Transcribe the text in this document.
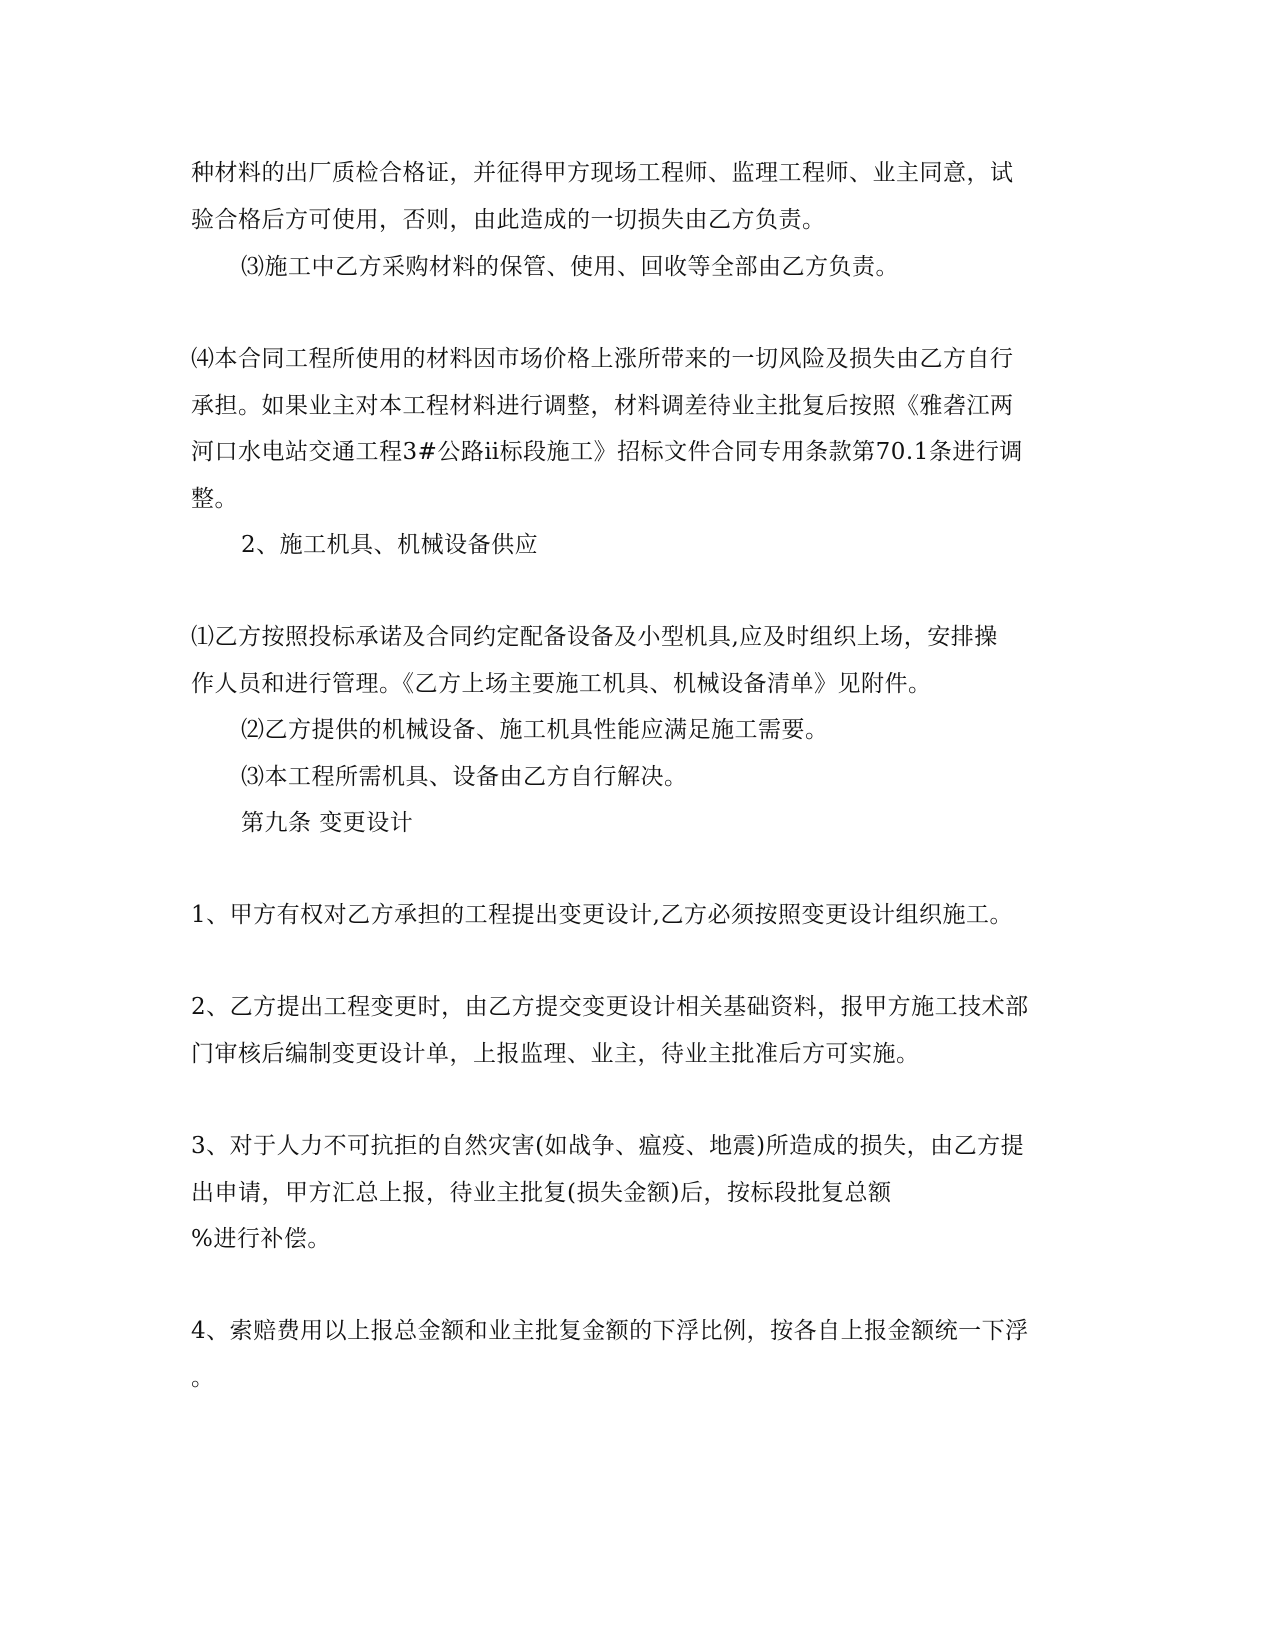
种材料的出厂质检合格证，并征得甲方现场工程师、监理工程师、业主同意，试
验合格后方可使用，否则，由此造成的一切损失由乙方负责。
⑶施工中乙方采购材料的保管、使用、回收等全部由乙方负责。
⑷本合同工程所使用的材料因市场价格上涨所带来的一切风险及损失由乙方自行
承担。如果业主对本工程材料进行调整，材料调差待业主批复后按照《雅砻江两
河口水电站交通工程3#公路ⅱ标段施工》招标文件合同专用条款第70.1条进行调
整。
2、施工机具、机械设备供应
⑴乙方按照投标承诺及合同约定配备设备及小型机具,应及时组织上场，安排操
作人员和进行管理。《乙方上场主要施工机具、机械设备清单》见附件。
⑵乙方提供的机械设备、施工机具性能应满足施工需要。
⑶本工程所需机具、设备由乙方自行解决。
第九条 变更设计
1、甲方有权对乙方承担的工程提出变更设计,乙方必须按照变更设计组织施工。
2、乙方提出工程变更时，由乙方提交变更设计相关基础资料，报甲方施工技术部
门审核后编制变更设计单，上报监理、业主，待业主批准后方可实施。
3、对于人力不可抗拒的自然灾害(如战争、瘟疫、地震)所造成的损失，由乙方提
出申请，甲方汇总上报，待业主批复(损失金额)后，按标段批复总额
%进行补偿。
4、索赔费用以上报总金额和业主批复金额的下浮比例，按各自上报金额统一下浮
。
